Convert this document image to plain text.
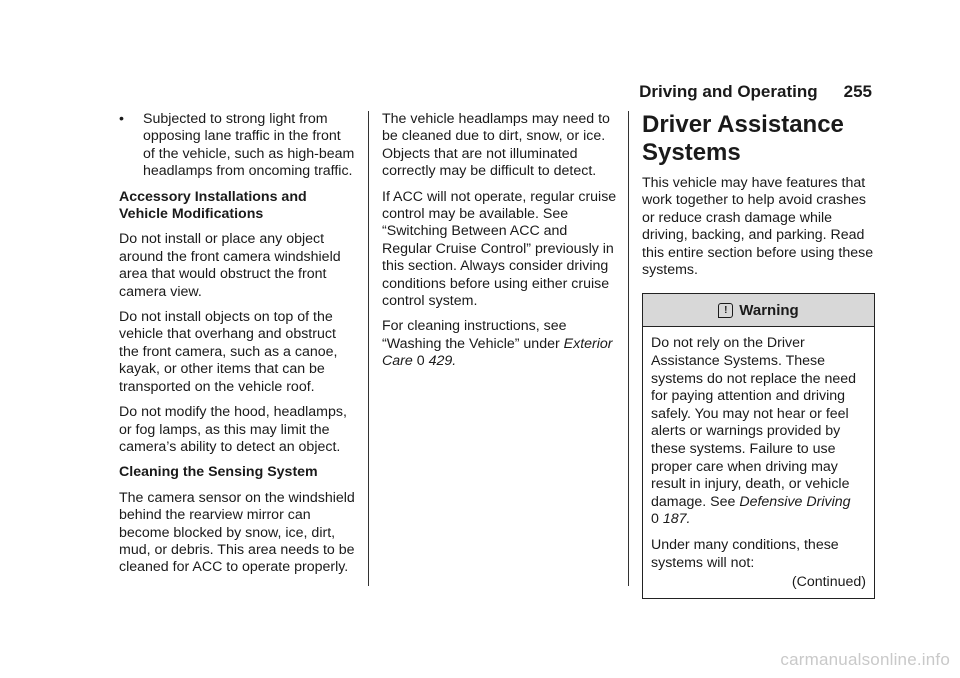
Driving and Operating 255
•	Subjected to strong light from opposing lane traffic in the front of the vehicle, such as high-beam headlamps from oncoming traffic.

Accessory Installations and Vehicle Modifications

Do not install or place any object around the front camera windshield area that would obstruct the front camera view.

Do not install objects on top of the vehicle that overhang and obstruct the front camera, such as a canoe, kayak, or other items that can be transported on the vehicle roof.

Do not modify the hood, headlamps, or fog lamps, as this may limit the camera’s ability to detect an object.

Cleaning the Sensing System

The camera sensor on the windshield behind the rearview mirror can become blocked by snow, ice, dirt, mud, or debris. This area needs to be cleaned for ACC to operate properly.

The vehicle headlamps may need to be cleaned due to dirt, snow, or ice. Objects that are not illuminated correctly may be difficult to detect.

If ACC will not operate, regular cruise control may be available. See “Switching Between ACC and Regular Cruise Control” previously in this section. Always consider driving conditions before using either cruise control system.

For cleaning instructions, see “Washing the Vehicle” under Exterior Care 0 429.

Driver Assistance Systems

This vehicle may have features that work together to help avoid crashes or reduce crash damage while driving, backing, and parking. Read this entire section before using these systems.

! Warning

Do not rely on the Driver Assistance Systems. These systems do not replace the need for paying attention and driving safely. You may not hear or feel alerts or warnings provided by these systems. Failure to use proper care when driving may result in injury, death, or vehicle damage. See Defensive Driving
0 187.

Under many conditions, these systems will not:

(Continued)
carmanualsonline.info
